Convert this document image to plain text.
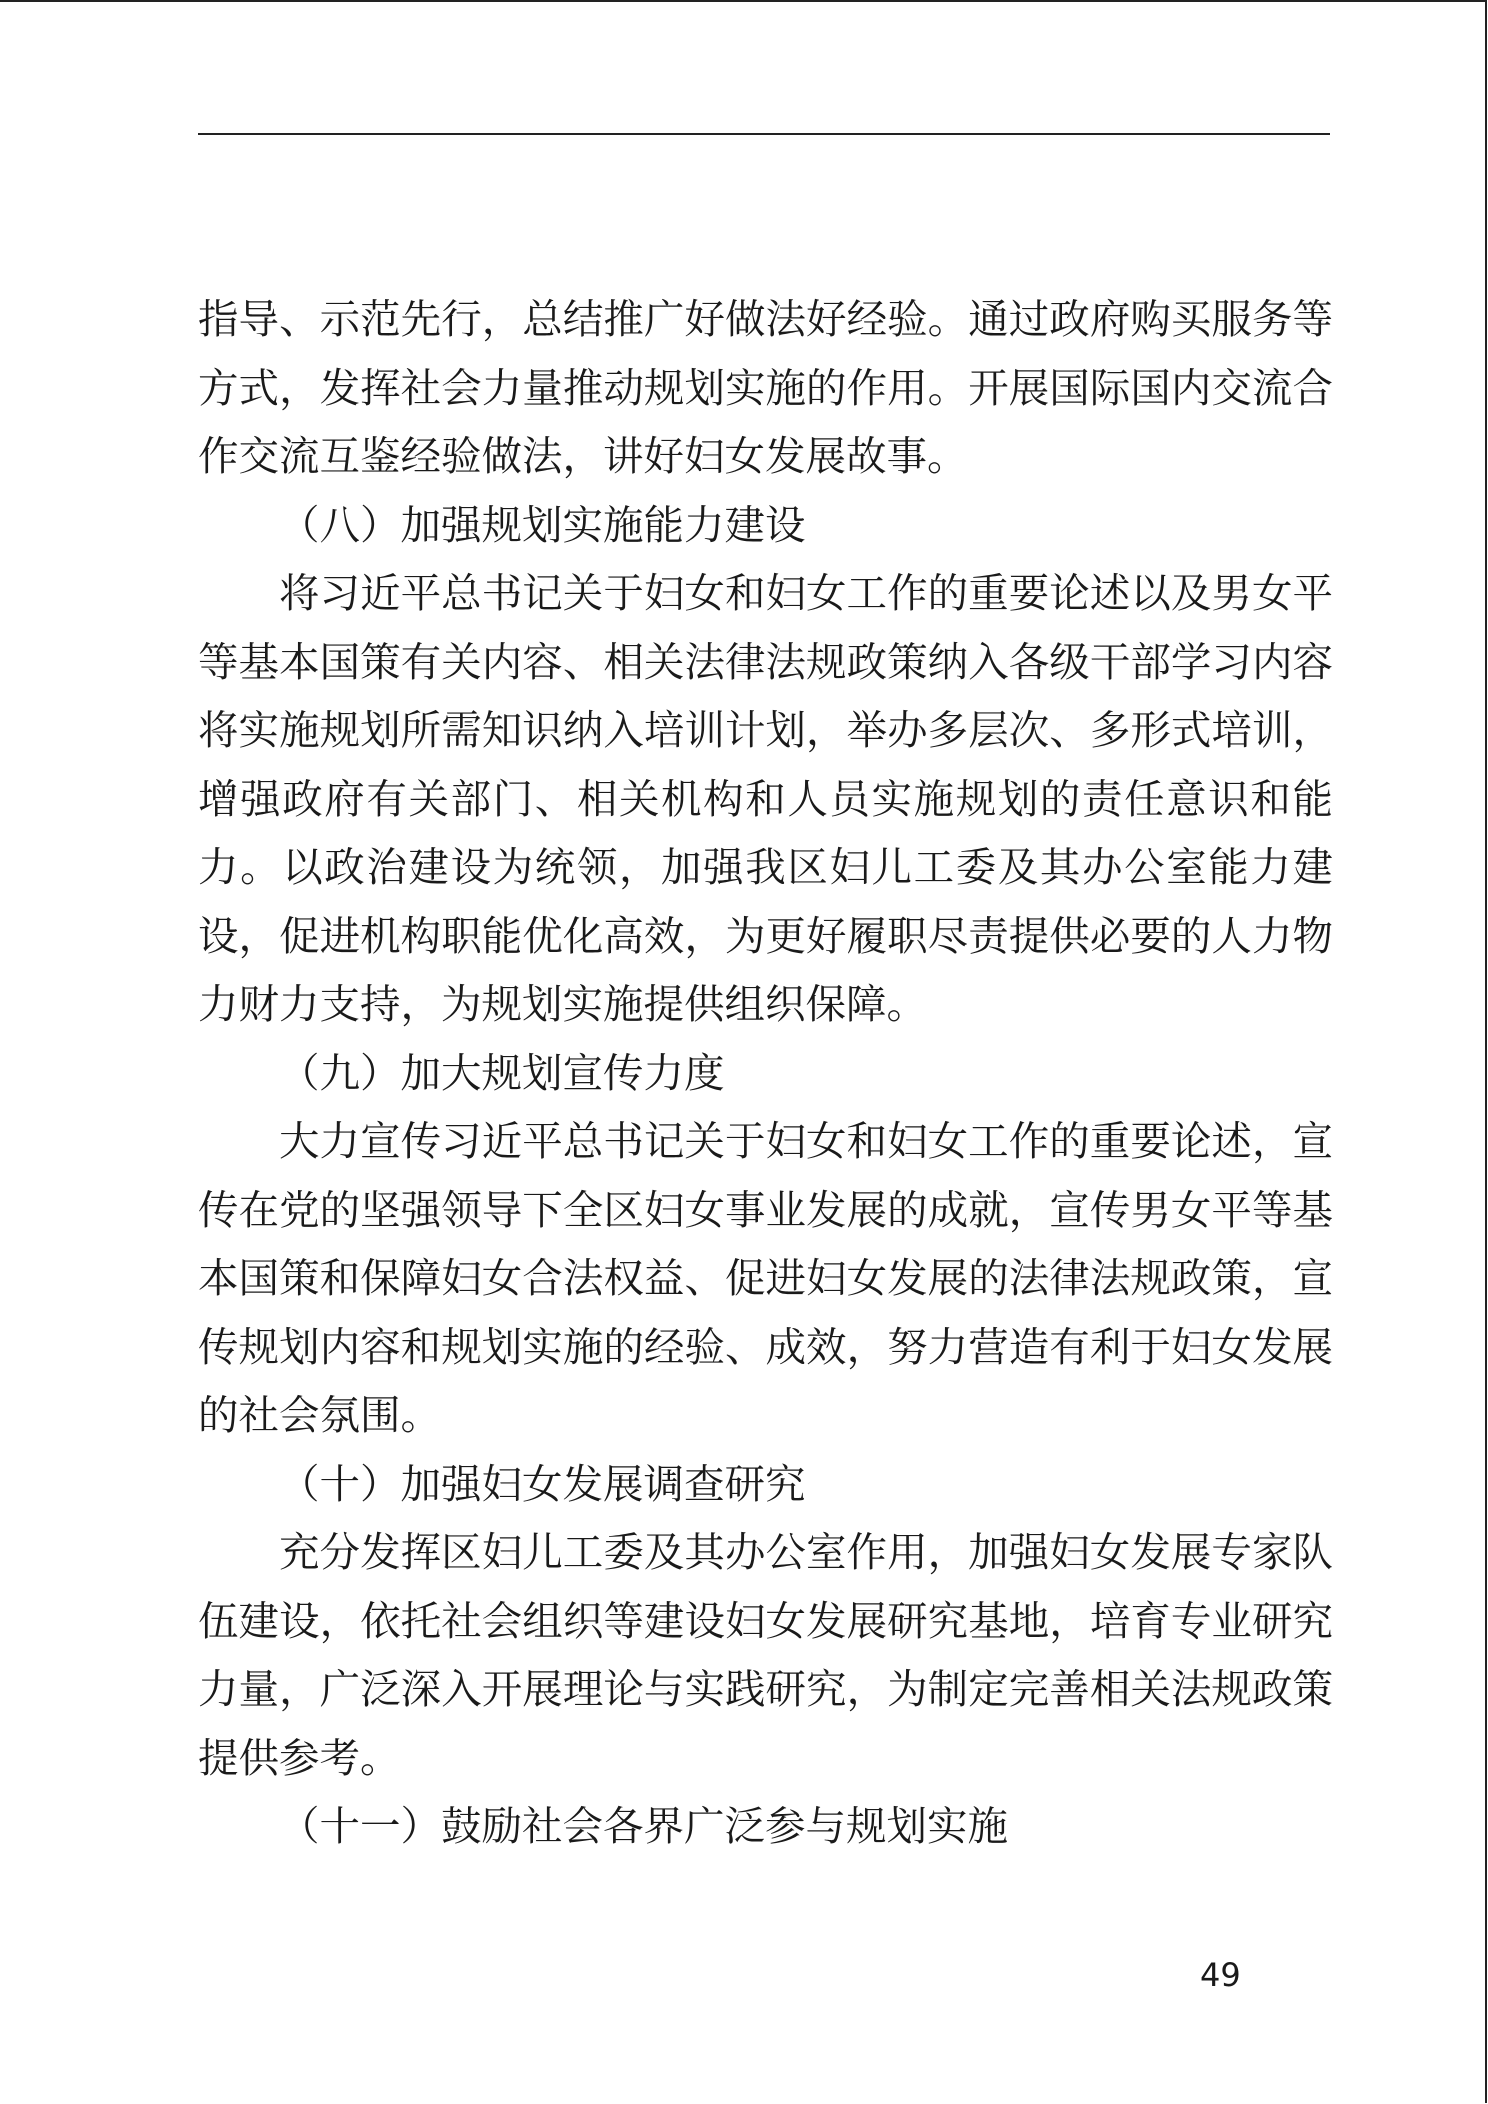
指导、示范先行，总结推广好做法好经验。通过政府购买服务等方式，发挥社会力量推动规划实施的作用。开展国际国内交流合作交流互鉴经验做法，讲好妇女发展故事。

（八）加强规划实施能力建设

将习近平总书记关于妇女和妇女工作的重要论述以及男女平等基本国策有关内容、相关法律法规政策纳入各级干部学习内容将实施规划所需知识纳入培训计划，举办多层次、多形式培训，增强政府有关部门、相关机构和人员实施规划的责任意识和能力。以政治建设为统领，加强我区妇儿工委及其办公室能力建设，促进机构职能优化高效，为更好履职尽责提供必要的人力物力财力支持，为规划实施提供组织保障。

（九）加大规划宣传力度

大力宣传习近平总书记关于妇女和妇女工作的重要论述，宣传在党的坚强领导下全区妇女事业发展的成就，宣传男女平等基本国策和保障妇女合法权益、促进妇女发展的法律法规政策，宣传规划内容和规划实施的经验、成效，努力营造有利于妇女发展的社会氛围。

（十）加强妇女发展调查研究

充分发挥区妇儿工委及其办公室作用，加强妇女发展专家队伍建设，依托社会组织等建设妇女发展研究基地，培育专业研究力量，广泛深入开展理论与实践研究，为制定完善相关法规政策提供参考。

（十一）鼓励社会各界广泛参与规划实施

49
